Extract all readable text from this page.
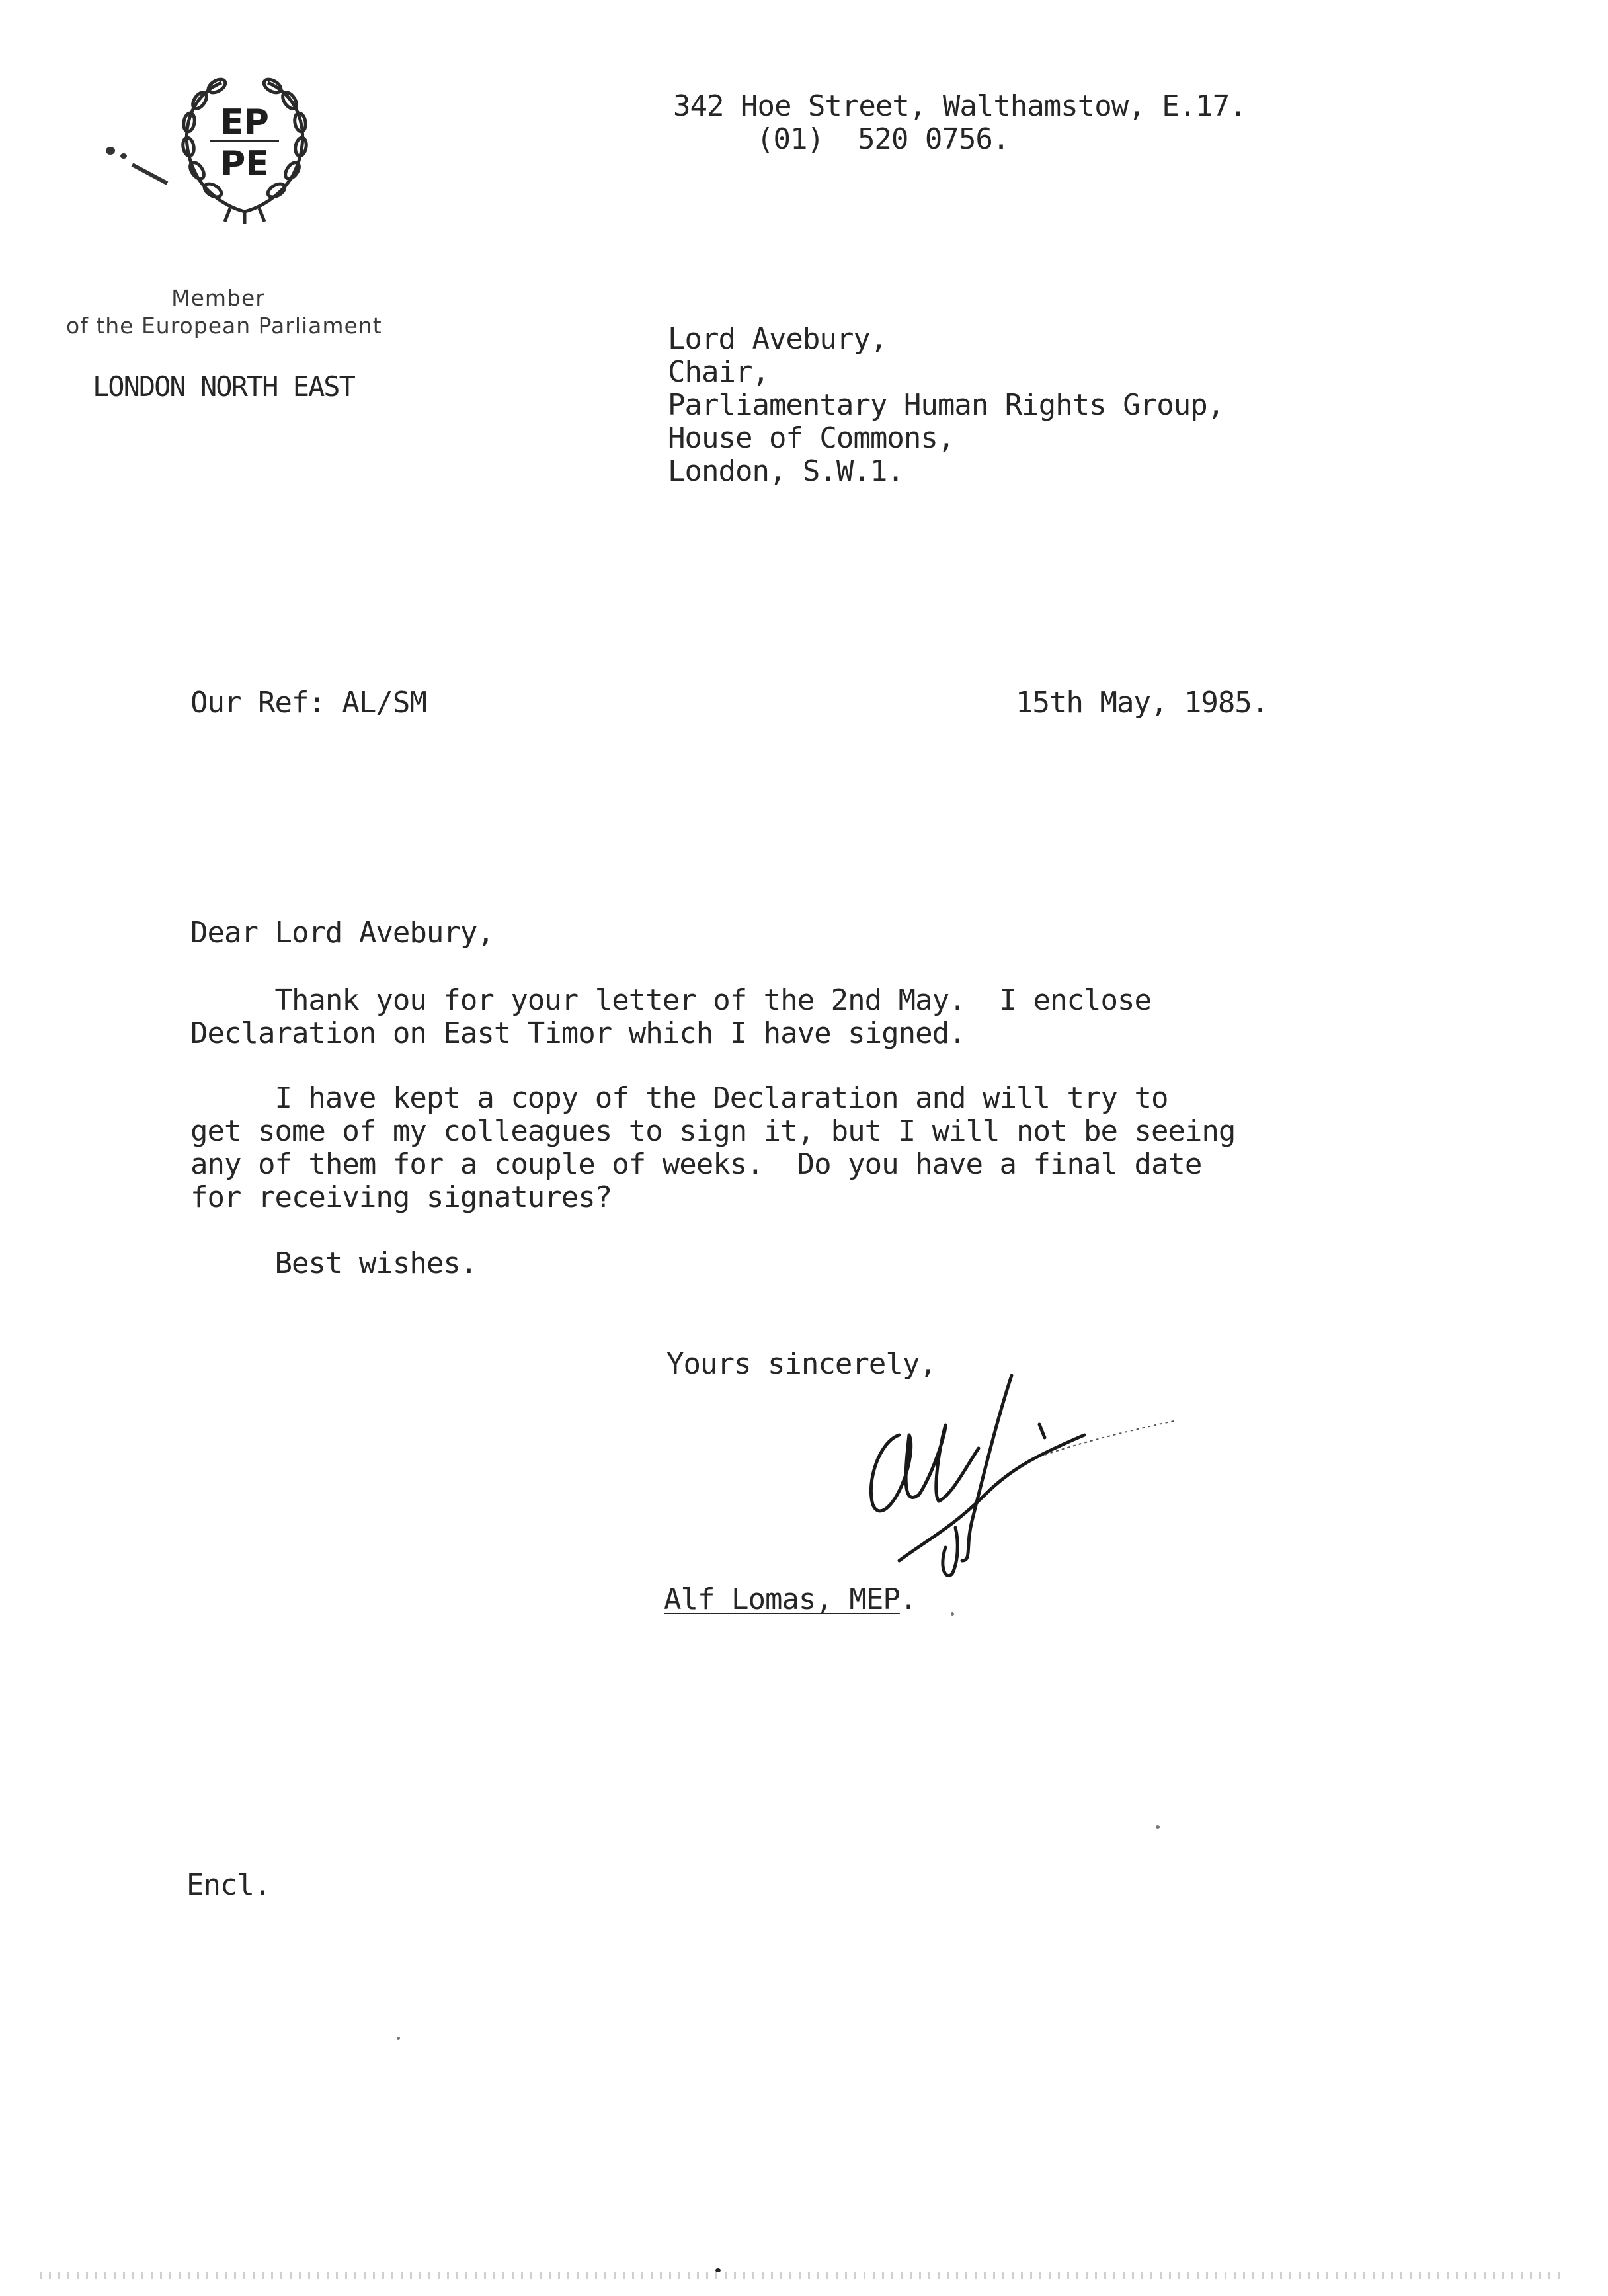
EP
PE
Member
of the European Parliament
LONDON NORTH EAST
342 Hoe Street, Walthamstow, E.17.
(01)  520 0756.
Lord Avebury,
Chair,
Parliamentary Human Rights Group,
House of Commons,
London, S.W.1.
Our Ref: AL/SM	15th May, 1985.
Dear Lord Avebury,
Thank you for your letter of the 2nd May.  I enclose
Declaration on East Timor which I have signed.
I have kept a copy of the Declaration and will try to
get some of my colleagues to sign it, but I will not be seeing
any of them for a couple of weeks.  Do you have a final date
for receiving signatures?
Best wishes.
Yours sincerely,
Alf Lomas, MEP.
Encl.
